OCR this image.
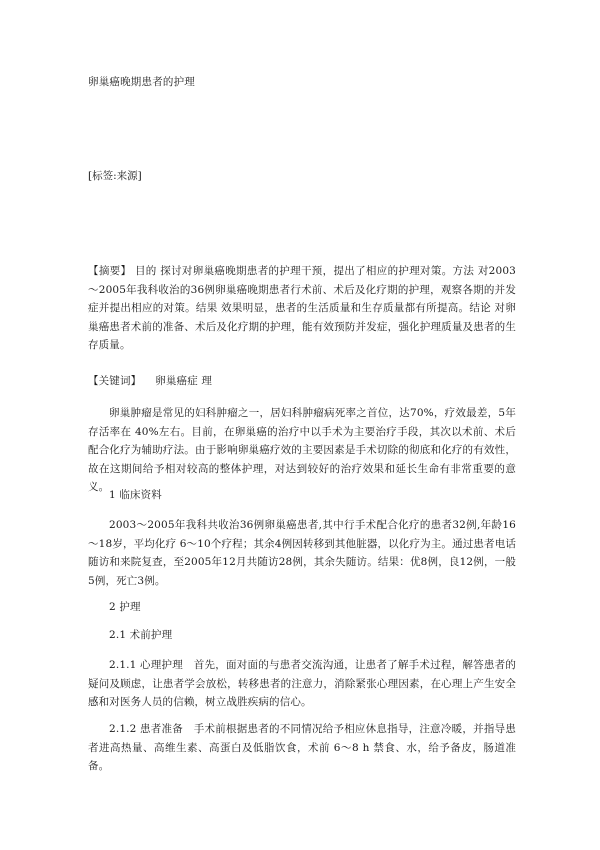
卵巢癌晚期患者的护理
[标签:来源]

【摘要】 目的 探讨对卵巢癌晚期患者的护理干预，提出了相应的护理对策。方法 对2003～2005年我科收治的36例卵巢癌晚期患者行术前、术后及化疗期的护理，观察各期的并发症并提出相应的对策。结果 效果明显，患者的生活质量和生存质量都有所提高。结论 对卵巢癌患者术前的准备、术后及化疗期的护理，能有效预防并发症，强化护理质量及患者的生存质量。

【关键词】 卵巢癌症 理

卵巢肿瘤是常见的妇科肿瘤之一，居妇科肿瘤病死率之首位，达70%，疗效最差，5年存活率在 40%左右。目前，在卵巢癌的治疗中以手术为主要治疗手段，其次以术前、术后配合化疗为辅助疗法。由于影响卵巢癌疗效的主要因素是手术切除的彻底和化疗的有效性，故在这期间给予相对较高的整体护理，对达到较好的治疗效果和延长生命有非常重要的意义。

1 临床资料

2003～2005年我科共收治36例卵巢癌患者,其中行手术配合化疗的患者32例,年龄16～18岁，平均化疗 6～10个疗程；其余4例因转移到其他脏器，以化疗为主。通过患者电话随访和来院复查，至2005年12月共随访28例，其余失随访。结果：优8例，良12例，一般5例，死亡3例。

2 护理

2.1 术前护理

2.1.1 心理护理 首先，面对面的与患者交流沟通，让患者了解手术过程，解答患者的疑问及顾虑，让患者学会放松，转移患者的注意力，消除紧张心理因素，在心理上产生安全感和对医务人员的信赖，树立战胜疾病的信心。

2.1.2 患者准备 手术前根据患者的不同情况给予相应休息指导，注意冷暖，并指导患者进高热量、高维生素、高蛋白及低脂饮食，术前 6～8 h 禁食、水，给予备皮，肠道准备。
